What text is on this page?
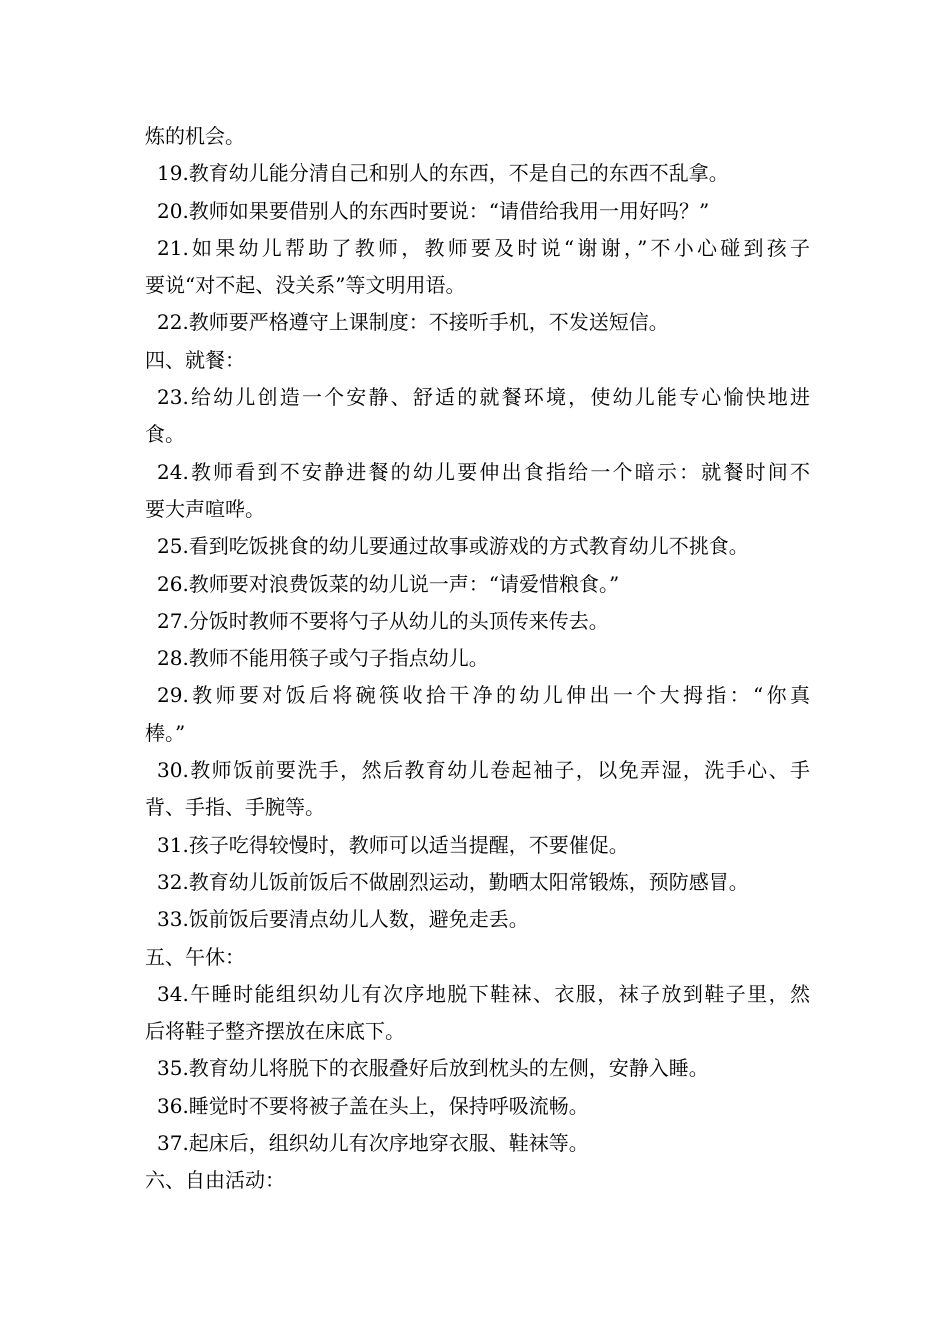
炼的机会。
19.教育幼儿能分清自己和别人的东西，不是自己的东西不乱拿。
20.教师如果要借别人的东西时要说：“请借给我用一用好吗？”
21.如果幼儿帮助了教师，教师要及时说“谢谢，”不小心碰到孩子
要说“对不起、没关系”等文明用语。
22.教师要严格遵守上课制度：不接听手机，不发送短信。
四、就餐：
23.给幼儿创造一个安静、舒适的就餐环境，使幼儿能专心愉快地进
食。
24.教师看到不安静进餐的幼儿要伸出食指给一个暗示：就餐时间不
要大声喧哗。
25.看到吃饭挑食的幼儿要通过故事或游戏的方式教育幼儿不挑食。
26.教师要对浪费饭菜的幼儿说一声：“请爱惜粮食。”
27.分饭时教师不要将勺子从幼儿的头顶传来传去。
28.教师不能用筷子或勺子指点幼儿。
29.教师要对饭后将碗筷收拾干净的幼儿伸出一个大拇指：“你真
棒。”
30.教师饭前要洗手，然后教育幼儿卷起袖子，以免弄湿，洗手心、手
背、手指、手腕等。
31.孩子吃得较慢时，教师可以适当提醒，不要催促。
32.教育幼儿饭前饭后不做剧烈运动，勤晒太阳常锻炼，预防感冒。
33.饭前饭后要清点幼儿人数，避免走丢。
五、午休：
34.午睡时能组织幼儿有次序地脱下鞋袜、衣服，袜子放到鞋子里，然
后将鞋子整齐摆放在床底下。
35.教育幼儿将脱下的衣服叠好后放到枕头的左侧，安静入睡。
36.睡觉时不要将被子盖在头上，保持呼吸流畅。
37.起床后，组织幼儿有次序地穿衣服、鞋袜等。
六、自由活动：
